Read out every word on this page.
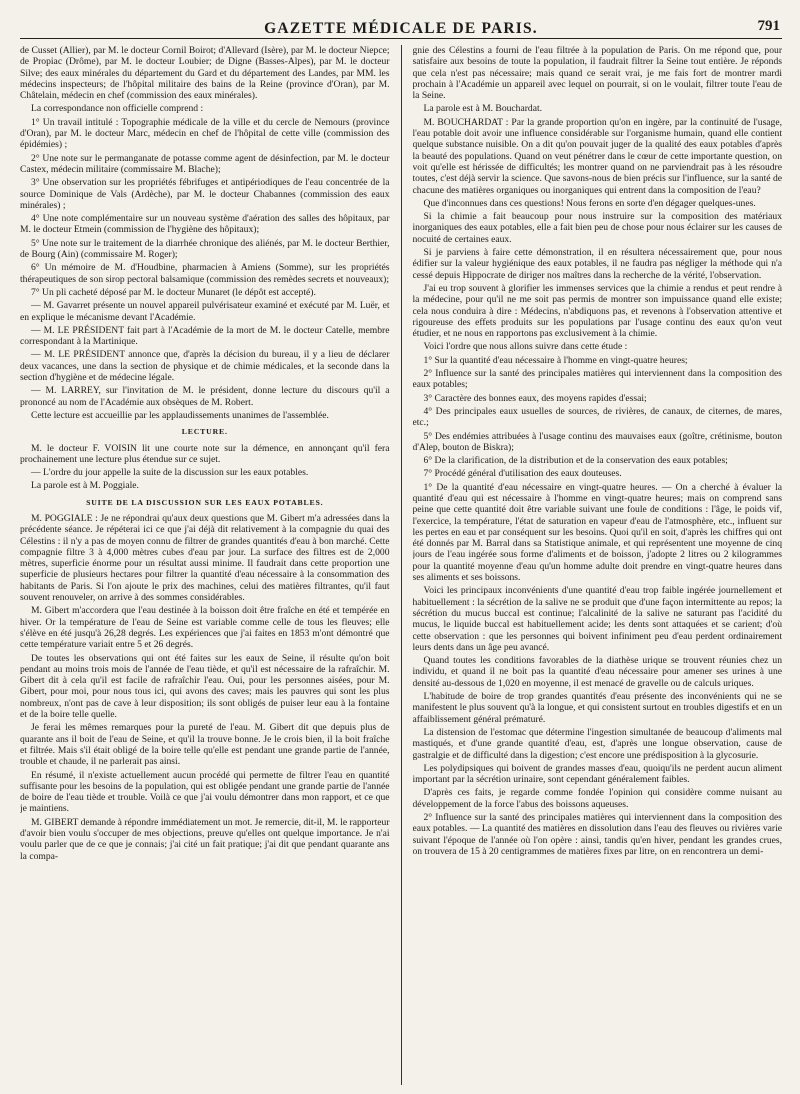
GAZETTE MÉDICALE DE PARIS.	791

de Cusset (Allier), par M. le docteur Cornil Boirot; d'Allevard (Isère), par M. le docteur Niepce; de Propiac (Drôme), par M. le docteur Loubier; de Digne (Basses-Alpes), par M. le docteur Silve; des eaux minérales du département du Gard et du département des Landes, par MM. les médecins inspecteurs; de l'hôpital militaire des bains de la Reine (province d'Oran), par M. Châtelain, médecin en chef (commission des eaux minérales).

La correspondance non officielle comprend :

1° Un travail intitulé : Topographie médicale de la ville et du cercle de Nemours (province d'Oran), par M. le docteur Marc, médecin en chef de l'hôpital de cette ville (commission des épidémies) ;

2° Une note sur le permanganate de potasse comme agent de désinfection, par M. le docteur Castex, médecin militaire (commissaire M. Blache);

3° Une observation sur les propriétés fébrifuges et antipériodiques de l'eau concentrée de la source Dominique de Vals (Ardèche), par M. le docteur Chabannes (commission des eaux minérales) ;

4° Une note complémentaire sur un nouveau système d'aération des salles des hôpitaux, par M. le docteur Etmein (commission de l'hygiène des hôpitaux);

5° Une note sur le traitement de la diarrhée chronique des aliénés, par M. le docteur Berthier, de Bourg (Ain) (commissaire M. Roger);

6° Un mémoire de M. d'Houdbine, pharmacien à Amiens (Somme), sur les propriétés thérapeutiques de son sirop pectoral balsamique (commission des remèdes secrets et nouveaux);

7° Un pli cacheté déposé par M. le docteur Munaret (le dépôt est accepté).

— M. Gavarret présente un nouvel appareil pulvérisateur examiné et exécuté par M. Luër, et en explique le mécanisme devant l'Académie.

— M. LE PRÉSIDENT fait part à l'Académie de la mort de M. le docteur Catelle, membre correspondant à la Martinique.

— M. LE PRÉSIDENT annonce que, d'après la décision du bureau, il y a lieu de déclarer deux vacances, une dans la section de physique et de chimie médicales, et la seconde dans la section d'hygiène et de médecine légale.

— M. LARREY, sur l'invitation de M. le président, donne lecture du discours qu'il a prononcé au nom de l'Académie aux obsèques de M. Robert.

Cette lecture est accueillie par les applaudissements unanimes de l'assemblée.

LECTURE.

M. le docteur F. VOISIN lit une courte note sur la démence, en annonçant qu'il fera prochainement une lecture plus étendue sur ce sujet.

— L'ordre du jour appelle la suite de la discussion sur les eaux potables.

La parole est à M. Poggiale.

SUITE DE LA DISCUSSION SUR LES EAUX POTABLES.

M. POGGIALE : Je ne répondrai qu'aux deux questions que M. Gibert m'a adressées dans la précédente séance. Je répéterai ici ce que j'ai déjà dit relativement à la compagnie du quai des Célestins : il n'y a pas de moyen connu de filtrer de grandes quantités d'eau à bon marché. Cette compagnie filtre 3 à 4,000 mètres cubes d'eau par jour. La surface des filtres est de 2,000 mètres, superficie énorme pour un résultat aussi minime. Il faudrait dans cette proportion une superficie de plusieurs hectares pour filtrer la quantité d'eau nécessaire à la consommation des habitants de Paris. Si l'on ajoute le prix des machines, celui des matières filtrantes, qu'il faut souvent renouveler, on arrive à des sommes considérables.

M. Gibert m'accordera que l'eau destinée à la boisson doit être fraîche en été et tempérée en hiver. Or la température de l'eau de Seine est variable comme celle de tous les fleuves; elle s'élève en été jusqu'à 26,28 degrés. Les expériences que j'ai faites en 1853 m'ont démontré que cette température variait entre 5 et 26 degrés.

De toutes les observations qui ont été faites sur les eaux de Seine, il résulte qu'on boit pendant au moins trois mois de l'année de l'eau tiède, et qu'il est nécessaire de la rafraîchir. M. Gibert dit à cela qu'il est facile de rafraîchir l'eau. Oui, pour les personnes aisées, pour M. Gibert, pour moi, pour nous tous ici, qui avons des caves; mais les pauvres qui sont les plus nombreux, n'ont pas de cave à leur disposition; ils sont obligés de puiser leur eau à la fontaine et de la boire telle quelle.

Je ferai les mêmes remarques pour la pureté de l'eau. M. Gibert dit que depuis plus de quarante ans il boit de l'eau de Seine, et qu'il la trouve bonne. Je le crois bien, il la boit fraîche et filtrée. Mais s'il était obligé de la boire telle qu'elle est pendant une grande partie de l'année, trouble et chaude, il ne parlerait pas ainsi.

En résumé, il n'existe actuellement aucun procédé qui permette de filtrer l'eau en quantité suffisante pour les besoins de la population, qui est obligée pendant une grande partie de l'année de boire de l'eau tiède et trouble. Voilà ce que j'ai voulu démontrer dans mon rapport, et ce que je maintiens.

M. GIBERT demande à répondre immédiatement un mot. Je remercie, dit-il, M. le rapporteur d'avoir bien voulu s'occuper de mes objections, preuve qu'elles ont quelque importance. Je n'ai voulu parler que de ce que je connais; j'ai cité un fait pratique; j'ai dit que pendant quarante ans la compa-

gnie des Célestins a fourni de l'eau filtrée à la population de Paris. On me répond que, pour satisfaire aux besoins de toute la population, il faudrait filtrer la Seine tout entière. Je réponds que cela n'est pas nécessaire; mais quand ce serait vrai, je me fais fort de montrer mardi prochain à l'Académie un appareil avec lequel on pourrait, si on le voulait, filtrer toute l'eau de la Seine.

La parole est à M. Bouchardat.

M. BOUCHARDAT : Par la grande proportion qu'on en ingère, par la continuité de l'usage, l'eau potable doit avoir une influence considérable sur l'organisme humain, quand elle contient quelque substance nuisible. On a dit qu'on pouvait juger de la qualité des eaux potables d'après la beauté des populations. Quand on veut pénétrer dans le cœur de cette importante question, on voit qu'elle est hérissée de difficultés; les montrer quand on ne parviendrait pas à les résoudre toutes, c'est déjà servir la science. Que savons-nous de bien précis sur l'influence, sur la santé de chacune des matières organiques ou inorganiques qui entrent dans la composition de l'eau?

Que d'inconnues dans ces questions! Nous ferons en sorte d'en dégager quelques-unes.

Si la chimie a fait beaucoup pour nous instruire sur la composition des matériaux inorganiques des eaux potables, elle a fait bien peu de chose pour nous éclairer sur les causes de nocuité de certaines eaux.

Si je parviens à faire cette démonstration, il en résultera nécessairement que, pour nous édifier sur la valeur hygiénique des eaux potables, il ne faudra pas négliger la méthode qui n'a cessé depuis Hippocrate de diriger nos maîtres dans la recherche de la vérité, l'observation.

J'ai eu trop souvent à glorifier les immenses services que la chimie a rendus et peut rendre à la médecine, pour qu'il ne me soit pas permis de montrer son impuissance quand elle existe; cela nous conduira à dire : Médecins, n'abdiquons pas, et revenons à l'observation attentive et rigoureuse des effets produits sur les populations par l'usage continu des eaux qu'on veut étudier, et ne nous en rapportons pas exclusivement à la chimie.

Voici l'ordre que nous allons suivre dans cette étude :

1° Sur la quantité d'eau nécessaire à l'homme en vingt-quatre heures;

2° Influence sur la santé des principales matières qui interviennent dans la composition des eaux potables;

3° Caractère des bonnes eaux, des moyens rapides d'essai;

4° Des principales eaux usuelles de sources, de rivières, de canaux, de citernes, de mares, etc.;

5° Des endémies attribuées à l'usage continu des mauvaises eaux (goître, crétinisme, bouton d'Alep, bouton de Biskra);

6° De la clarification, de la distribution et de la conservation des eaux potables;

7° Procédé général d'utilisation des eaux douteuses.

1° De la quantité d'eau nécessaire en vingt-quatre heures. — On a cherché à évaluer la quantité d'eau qui est nécessaire à l'homme en vingt-quatre heures; mais on comprend sans peine que cette quantité doit être variable suivant une foule de conditions : l'âge, le poids vif, l'exercice, la température, l'état de saturation en vapeur d'eau de l'atmosphère, etc., influent sur les pertes en eau et par conséquent sur les besoins. Quoi qu'il en soit, d'après les chiffres qui ont été donnés par M. Barral dans sa Statistique animale, et qui représentent une moyenne de cinq jours de l'eau ingérée sous forme d'aliments et de boisson, j'adopte 2 litres ou 2 kilogrammes pour la quantité moyenne d'eau qu'un homme adulte doit prendre en vingt-quatre heures dans ses aliments et ses boissons.

Voici les principaux inconvénients d'une quantité d'eau trop faible ingérée journellement et habituellement : la sécrétion de la salive ne se produit que d'une façon intermittente au repos; la sécrétion du mucus buccal est continue; l'alcalinité de la salive ne saturant pas l'acidité du mucus, le liquide buccal est habituellement acide; les dents sont attaquées et se carient; d'où cette observation : que les personnes qui boivent infiniment peu d'eau perdent ordinairement leurs dents dans un âge peu avancé.

Quand toutes les conditions favorables de la diathèse urique se trouvent réunies chez un individu, et quand il ne boit pas la quantité d'eau nécessaire pour amener ses urines à une densité au-dessous de 1,020 en moyenne, il est menacé de gravelle ou de calculs uriques.

L'habitude de boire de trop grandes quantités d'eau présente des inconvénients qui ne se manifestent le plus souvent qu'à la longue, et qui consistent surtout en troubles digestifs et en un affaiblissement général prématuré.

La distension de l'estomac que détermine l'ingestion simultanée de beaucoup d'aliments mal mastiqués, et d'une grande quantité d'eau, est, d'après une longue observation, cause de gastralgie et de difficulté dans la digestion; c'est encore une prédisposition à la glycosurie.

Les polydipsiques qui boivent de grandes masses d'eau, quoiqu'ils ne perdent aucun aliment important par la sécrétion urinaire, sont cependant généralement faibles.

D'après ces faits, je regarde comme fondée l'opinion qui considère comme nuisant au développement de la force l'abus des boissons aqueuses.

2° Influence sur la santé des principales matières qui interviennent dans la composition des eaux potables. — La quantité des matières en dissolution dans l'eau des fleuves ou rivières varie suivant l'époque de l'année où l'on opère : ainsi, tandis qu'en hiver, pendant les grandes crues, on trouvera de 15 à 20 centigrammes de matières fixes par litre, on en rencontrera un demi-
